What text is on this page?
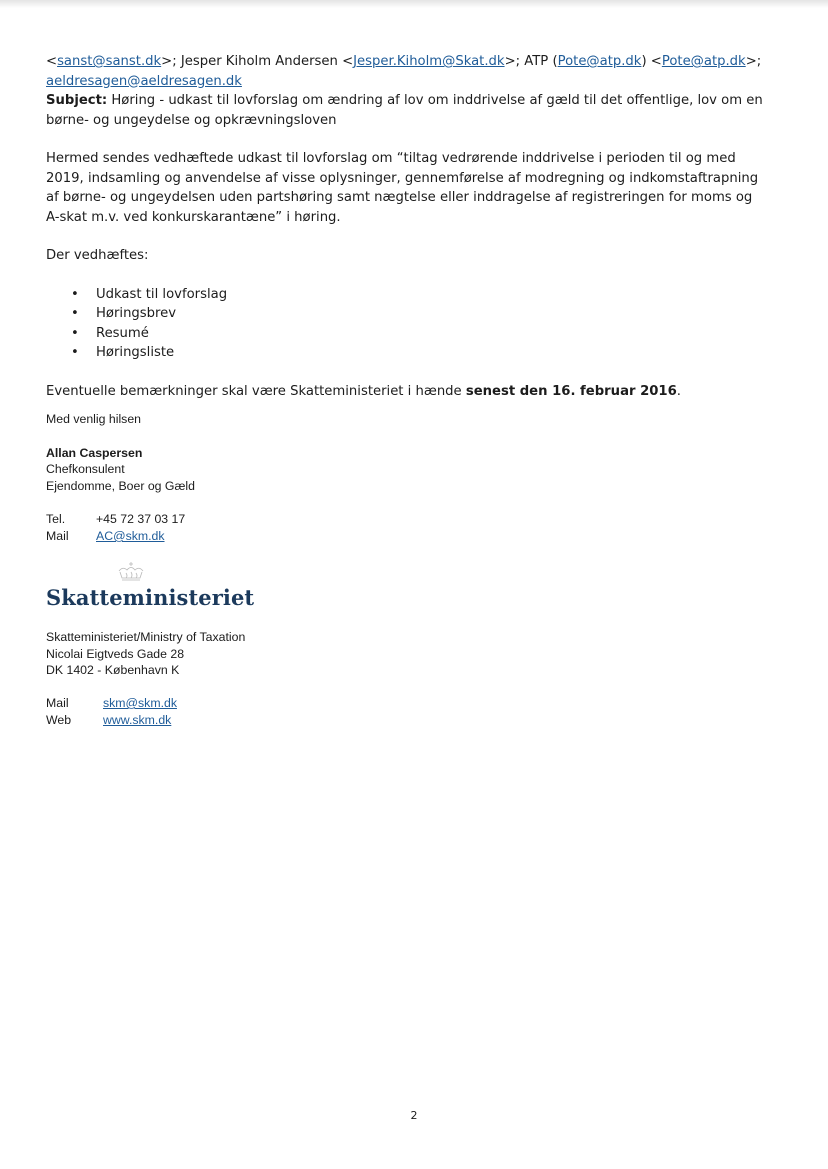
<sanst@sanst.dk>; Jesper Kiholm Andersen <Jesper.Kiholm@Skat.dk>; ATP (Pote@atp.dk) <Pote@atp.dk>;

aeldresagen@aeldresagen.dk

Subject: Høring - udkast til lovforslag om ændring af lov om inddrivelse af gæld til det offentlige, lov om en børne- og ungeydelse og opkrævningsloven

Hermed sendes vedhæftede udkast til lovforslag om “tiltag vedrørende inddrivelse i perioden til og med 2019, indsamling og anvendelse af visse oplysninger, gennemførelse af modregning og indkomstaftrapning af børne- og ungeydelsen uden partshøring samt nægtelse eller inddragelse af registreringen for moms og A-skat m.v. ved konkurskarantæne” i høring.

Der vedhæftes:

• Udkast til lovforslag
• Høringsbrev
• Resumé
• Høringsliste

Eventuelle bemærkninger skal være Skatteministeriet i hænde senest den 16. februar 2016.

Med venlig hilsen

Allan Caspersen

Chefkonsulent

Ejendomme, Boer og Gæld

Tel.	+45 72 37 03 17
Mail	AC@skm.dk
Skatteministeriet

Skatteministeriet/Ministry of Taxation

Nicolai Eigtveds Gade 28

DK 1402 - København K

Mail	skm@skm.dk
Web	www.skm.dk
2
